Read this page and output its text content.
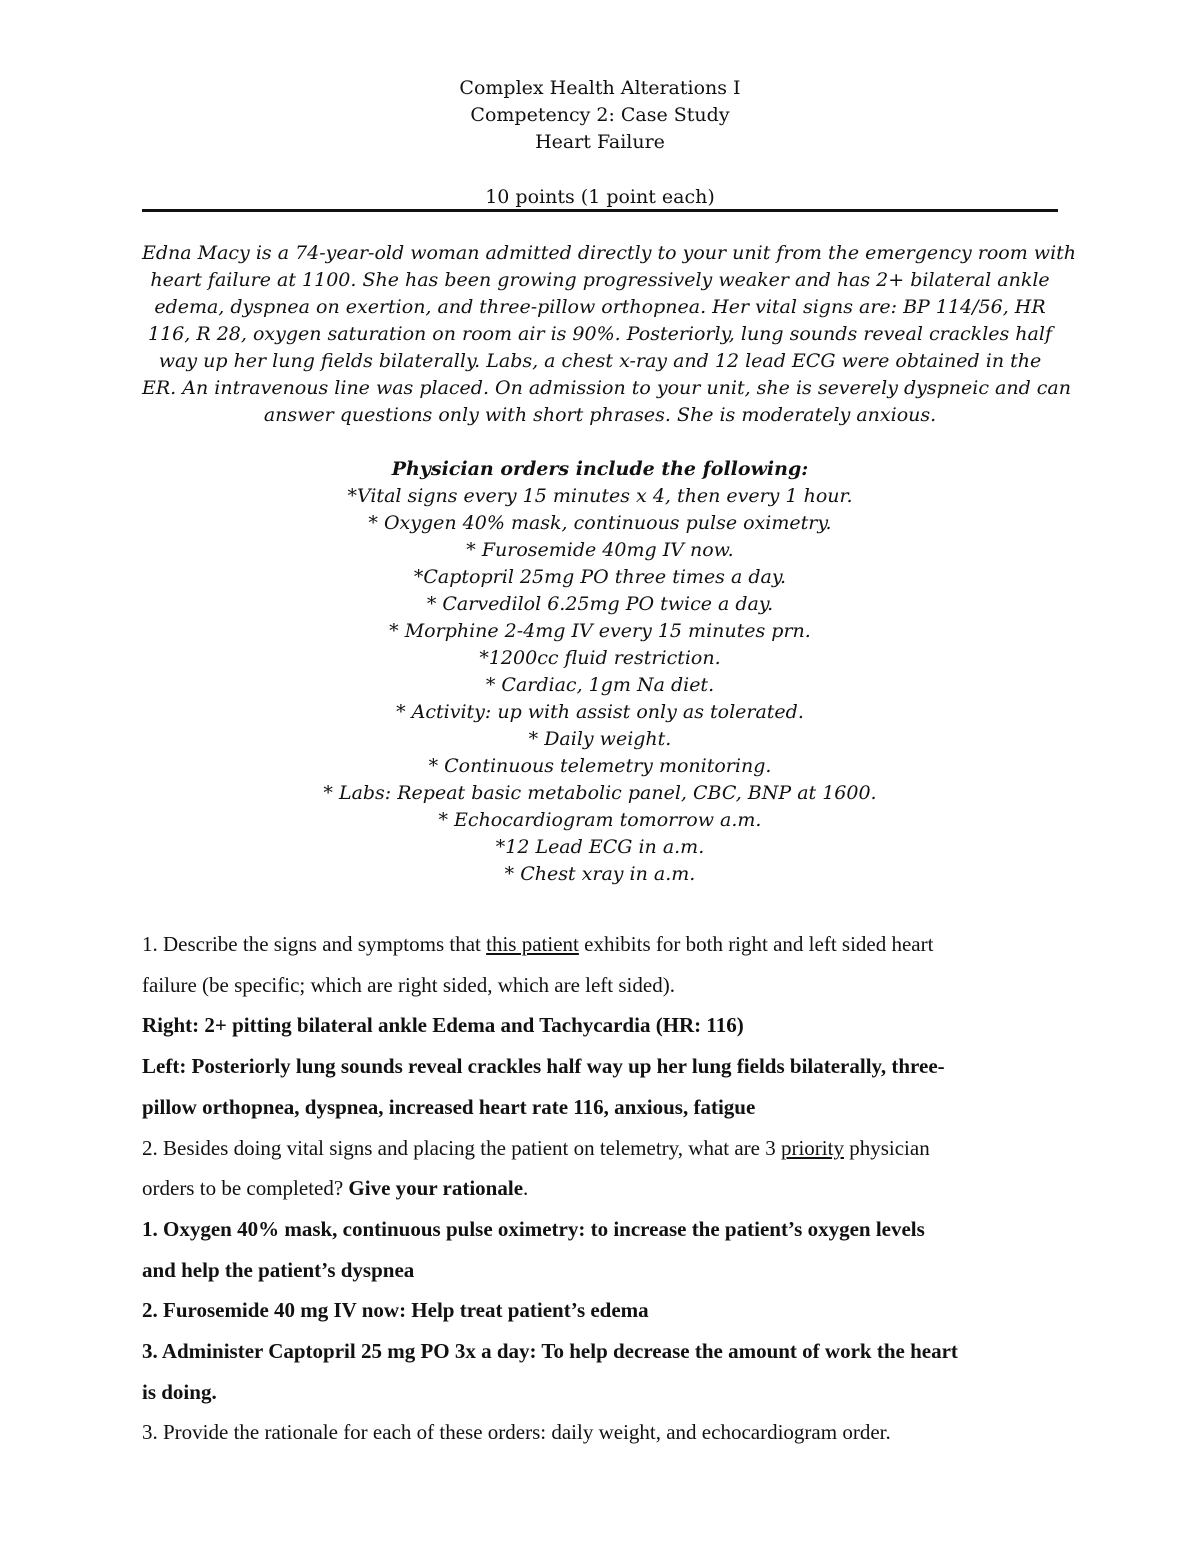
Complex Health Alterations I
Competency 2: Case Study
Heart Failure
10 points (1 point each)
Edna Macy is a 74-year-old woman admitted directly to your unit from the emergency room with
heart failure at 1100. She has been growing progressively weaker and has 2+ bilateral ankle
edema, dyspnea on exertion, and three-pillow orthopnea. Her vital signs are: BP 114/56, HR
116, R 28, oxygen saturation on room air is 90%. Posteriorly, lung sounds reveal crackles half
way up her lung fields bilaterally. Labs, a chest x-ray and 12 lead ECG were obtained in the
ER. An intravenous line was placed. On admission to your unit, she is severely dyspneic and can
answer questions only with short phrases. She is moderately anxious.
Physician orders include the following:
*Vital signs every 15 minutes x 4, then every 1 hour.
* Oxygen 40% mask, continuous pulse oximetry.
* Furosemide 40mg IV now.
*Captopril 25mg PO three times a day.
* Carvedilol 6.25mg PO twice a day.
* Morphine 2-4mg IV every 15 minutes prn.
*1200cc fluid restriction.
* Cardiac, 1gm Na diet.
* Activity: up with assist only as tolerated.
* Daily weight.
* Continuous telemetry monitoring.
* Labs: Repeat basic metabolic panel, CBC, BNP at 1600.
* Echocardiogram tomorrow a.m.
*12 Lead ECG in a.m.
* Chest xray in a.m.
1. Describe the signs and symptoms that this patient exhibits for both right and left sided heart
failure (be specific; which are right sided, which are left sided).
Right: 2+ pitting bilateral ankle Edema and Tachycardia (HR: 116)
Left: Posteriorly lung sounds reveal crackles half way up her lung fields bilaterally, three-
pillow orthopnea, dyspnea, increased heart rate 116, anxious, fatigue
2. Besides doing vital signs and placing the patient on telemetry, what are 3 priority physician
orders to be completed? Give your rationale.
1. Oxygen 40% mask, continuous pulse oximetry: to increase the patient’s oxygen levels
and help the patient’s dyspnea
2. Furosemide 40 mg IV now: Help treat patient’s edema
3. Administer Captopril 25 mg PO 3x a day: To help decrease the amount of work the heart
is doing.
3. Provide the rationale for each of these orders: daily weight, and echocardiogram order.
